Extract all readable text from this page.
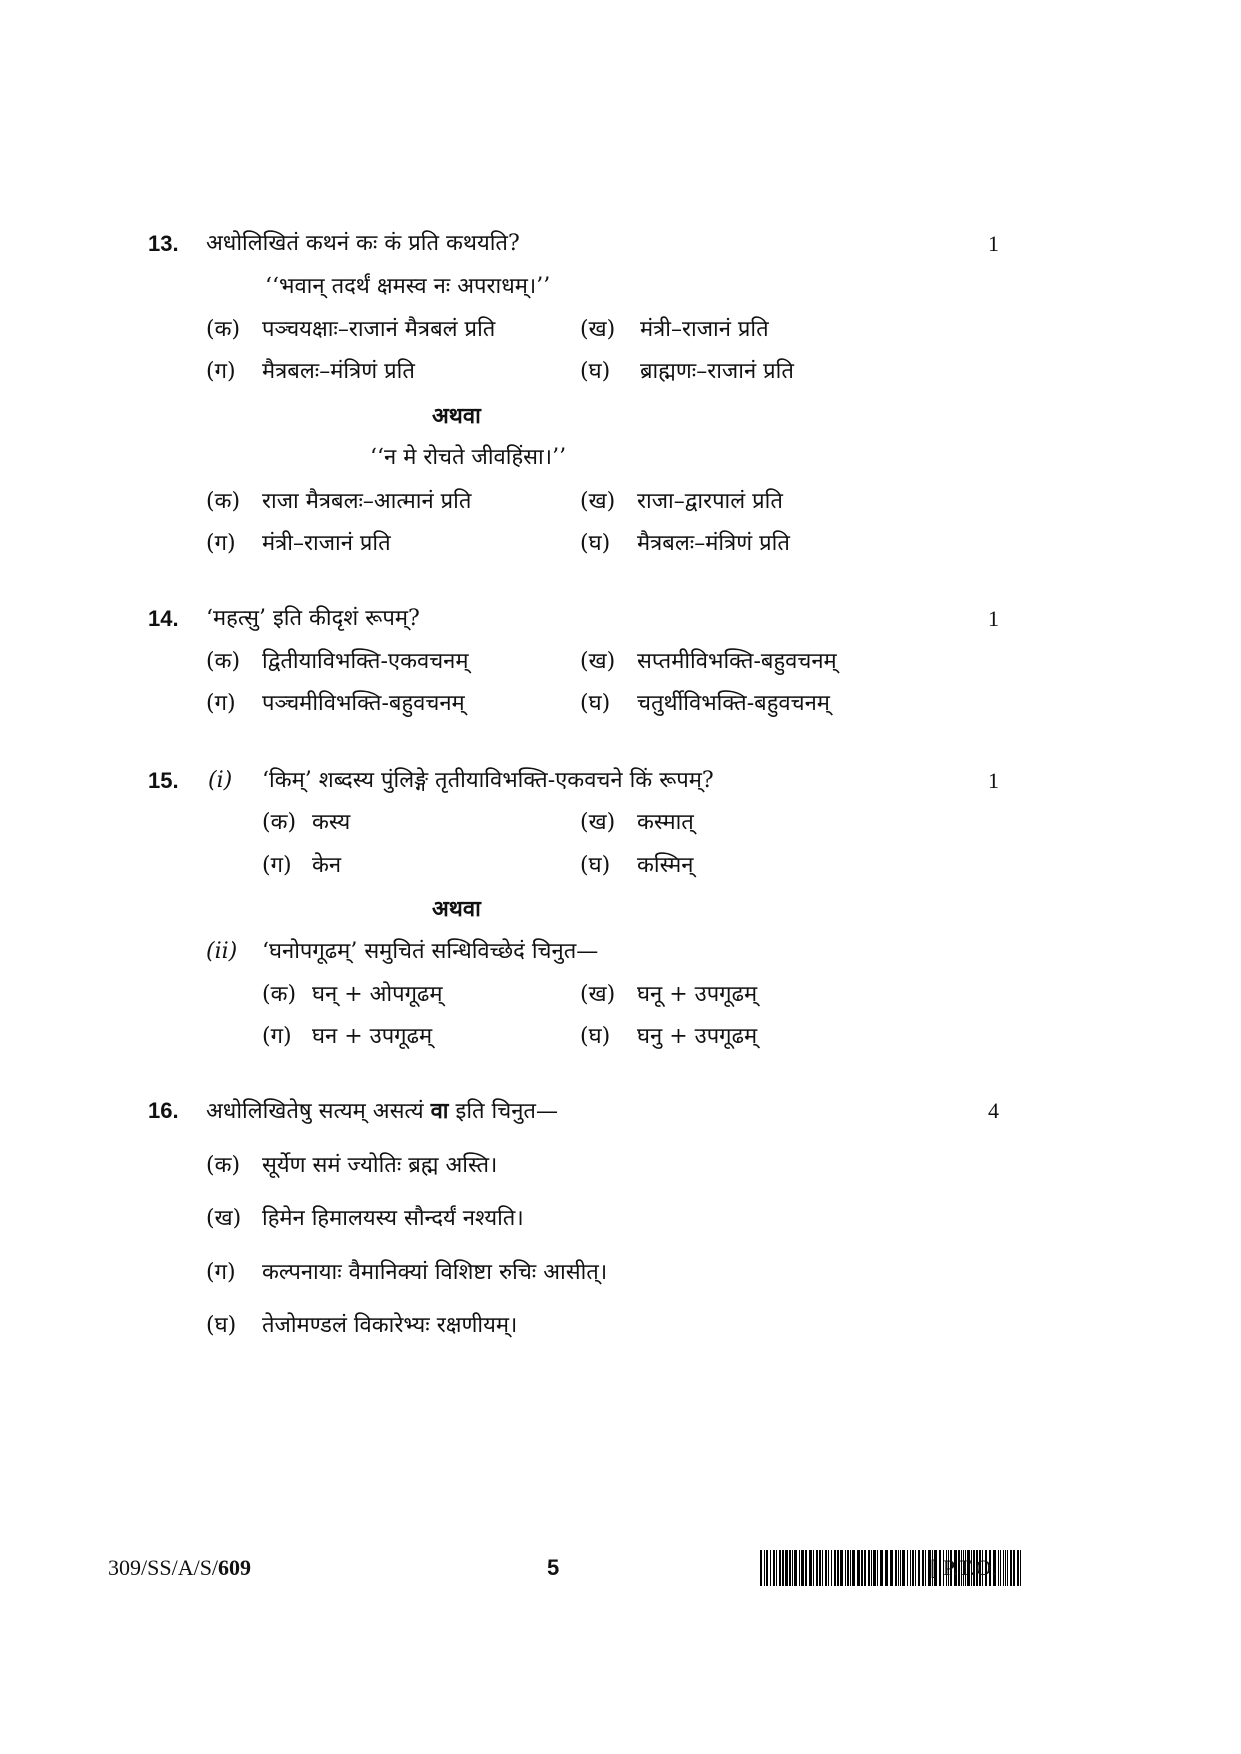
13. अधोलिखितं कथनं कः कं प्रति कथयति?	1
‘‘भवान् तदर्थं क्षमस्व नः अपराधम्।’’
(क) पञ्चयक्षाः–राजानं मैत्रबलं प्रति	(ख) मंत्री–राजानं प्रति
(ग) मैत्रबलः–मंत्रिणं प्रति	(घ) ब्राह्मणः–राजानं प्रति
अथवा
‘‘न मे रोचते जीवहिंसा।’’
(क) राजा मैत्रबलः–आत्मानं प्रति	(ख) राजा–द्वारपालं प्रति
(ग) मंत्री–राजानं प्रति	(घ) मैत्रबलः–मंत्रिणं प्रति
14. ‘महत्सु’ इति कीदृशं रूपम्?	1
(क) द्वितीयाविभक्ति-एकवचनम्	(ख) सप्तमीविभक्ति-बहुवचनम्
(ग) पञ्चमीविभक्ति-बहुवचनम्	(घ) चतुर्थीविभक्ति-बहुवचनम्
15. (i) ‘किम्’ शब्दस्य पुंलिङ्गे तृतीयाविभक्ति-एकवचने किं रूपम्?	1
(क) कस्य	(ख) कस्मात्
(ग) केन	(घ) कस्मिन्
अथवा
(ii) ‘घनोपगूढम्’ समुचितं सन्धिविच्छेदं चिनुत—
(क) घन् + ओपगूढम्	(ख) घनू + उपगूढम्
(ग) घन + उपगूढम्	(घ) घनु + उपगूढम्
16. अधोलिखितेषु सत्यम् असत्यं वा इति चिनुत—	4
(क) सूर्येण समं ज्योतिः ब्रह्म अस्ति।
(ख) हिमेन हिमालयस्य सौन्दर्यं नश्यति।
(ग) कल्पनायाः वैमानिक्यां विशिष्टा रुचिः आसीत्।
(घ) तेजोमण्डलं विकारेभ्यः रक्षणीयम्।
309/SS/A/S/609	5	[ P.T.O.
